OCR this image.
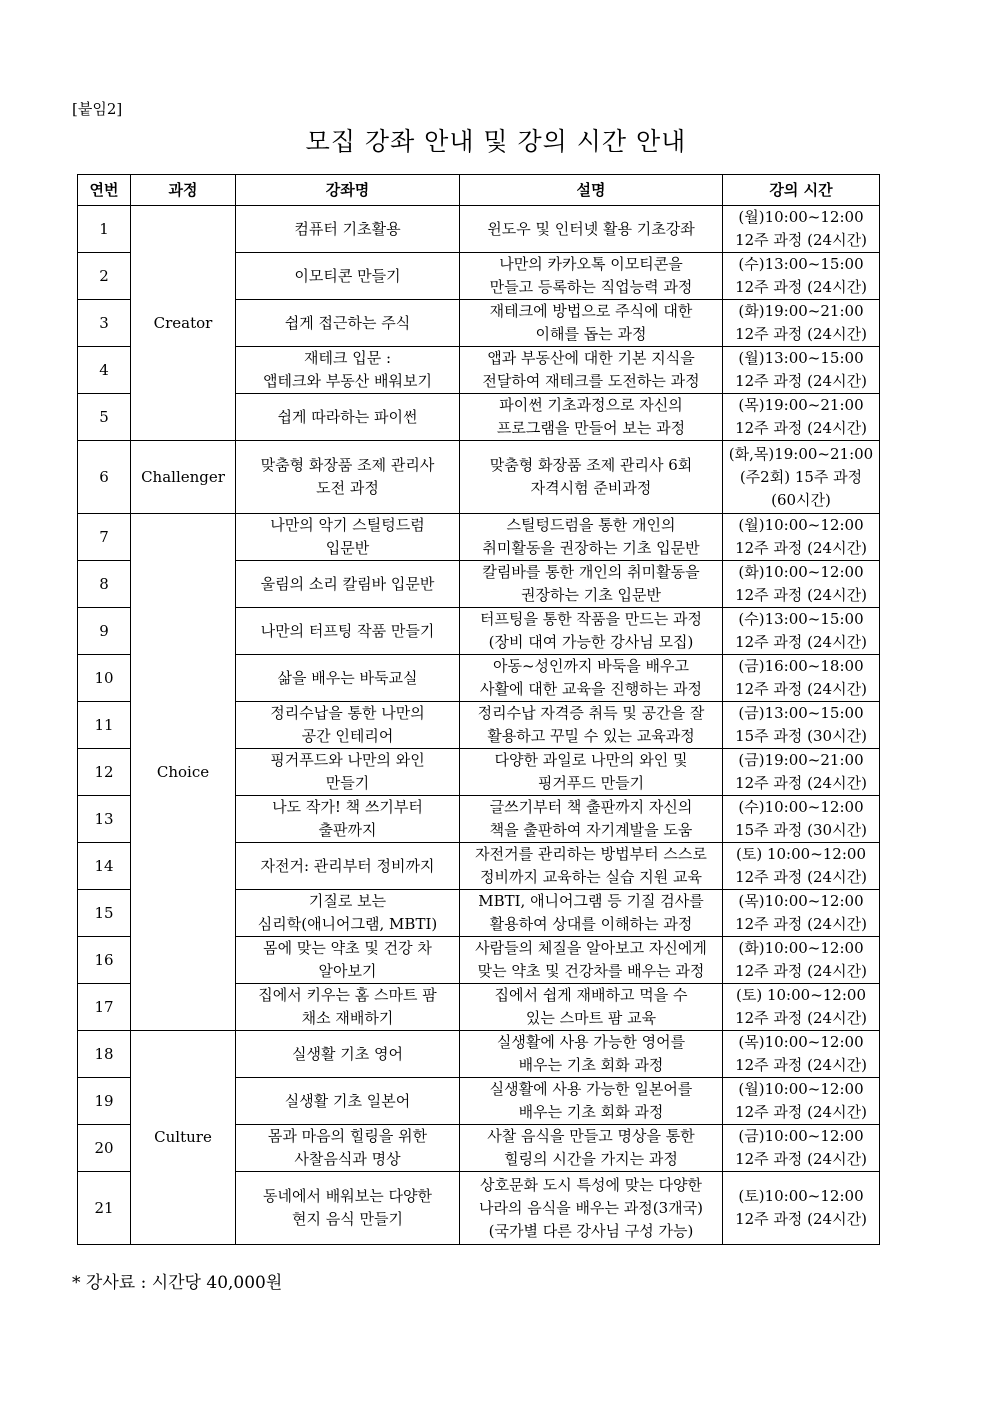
[붙임2]
모집 강좌 안내 및 강의 시간 안내
연번	과정	강좌명	설명	강의 시간
1	Creator	컴퓨터 기초활용	윈도우 및 인터넷 활용 기초강좌	(월)10:00~12:00
12주 과정 (24시간)

2		이모티콘 만들기	나만의 카카오톡 이모티콘을
만들고 등록하는 직업능력 과정	(수)13:00~15:00
12주 과정 (24시간)

3		쉽게 접근하는 주식	재테크에 방법으로 주식에 대한
이해를 돕는 과정	(화)19:00~21:00
12주 과정 (24시간)

4		재테크 입문 :
앱테크와 부동산 배워보기	앱과 부동산에 대한 기본 지식을
전달하여 재테크를 도전하는 과정	(월)13:00~15:00
12주 과정 (24시간)

5		쉽게 따라하는 파이썬	파이썬 기초과정으로 자신의
프로그램을 만들어 보는 과정	(목)19:00~21:00
12주 과정 (24시간)

6	Challenger	맞춤형 화장품 조제 관리사
도전 과정	맞춤형 화장품 조제 관리사 6회
자격시험 준비과정	(화,목)19:00~21:00
(주2회) 15주 과정
(60시간)

7	Choice	나만의 악기 스틸텅드럼
입문반	스틸텅드럼을 통한 개인의
취미활동을 권장하는 기초 입문반	(월)10:00~12:00
12주 과정 (24시간)

8		울림의 소리 칼림바 입문반	칼림바를 통한 개인의 취미활동을
권장하는 기초 입문반	(화)10:00~12:00
12주 과정 (24시간)

9		나만의 터프팅 작품 만들기	터프팅을 통한 작품을 만드는 과정
(장비 대여 가능한 강사님 모집)	(수)13:00~15:00
12주 과정 (24시간)

10		삶을 배우는 바둑교실	아동~성인까지 바둑을 배우고
사활에 대한 교육을 진행하는 과정	(금)16:00~18:00
12주 과정 (24시간)

11		정리수납을 통한 나만의
공간 인테리어	정리수납 자격증 취득 및 공간을 잘
활용하고 꾸밀 수 있는 교육과정	(금)13:00~15:00
15주 과정 (30시간)

12		핑거푸드와 나만의 와인
만들기	다양한 과일로 나만의 와인 및
핑거푸드 만들기	(금)19:00~21:00
12주 과정 (24시간)

13		나도 작가! 책 쓰기부터
출판까지	글쓰기부터 책 출판까지 자신의
책을 출판하여 자기계발을 도움	(수)10:00~12:00
15주 과정 (30시간)

14		자전거: 관리부터 정비까지	자전거를 관리하는 방법부터 스스로
정비까지 교육하는 실습 지원 교육	(토) 10:00~12:00
12주 과정 (24시간)

15		기질로 보는
심리학(애니어그램, MBTI)	MBTI, 애니어그램 등 기질 검사를
활용하여 상대를 이해하는 과정	(목)10:00~12:00
12주 과정 (24시간)

16		몸에 맞는 약초 및 건강 차
알아보기	사람들의 체질을 알아보고 자신에게
맞는 약초 및 건강차를 배우는 과정	(화)10:00~12:00
12주 과정 (24시간)

17		집에서 키우는 홈 스마트 팜
채소 재배하기	집에서 쉽게 재배하고 먹을 수
있는 스마트 팜 교육	(토) 10:00~12:00
12주 과정 (24시간)

18	Culture	실생활 기초 영어	실생활에 사용 가능한 영어를
배우는 기초 회화 과정	(목)10:00~12:00
12주 과정 (24시간)

19		실생활 기초 일본어	실생활에 사용 가능한 일본어를
배우는 기초 회화 과정	(월)10:00~12:00
12주 과정 (24시간)

20		몸과 마음의 힐링을 위한
사찰음식과 명상	사찰 음식을 만들고 명상을 통한
힐링의 시간을 가지는 과정	(금)10:00~12:00
12주 과정 (24시간)

21		동네에서 배워보는 다양한
현지 음식 만들기	상호문화 도시 특성에 맞는 다양한
나라의 음식을 배우는 과정(3개국)
(국가별 다른 강사님 구성 가능)	(토)10:00~12:00
12주 과정 (24시간)
* 강사료 : 시간당 40,000원
